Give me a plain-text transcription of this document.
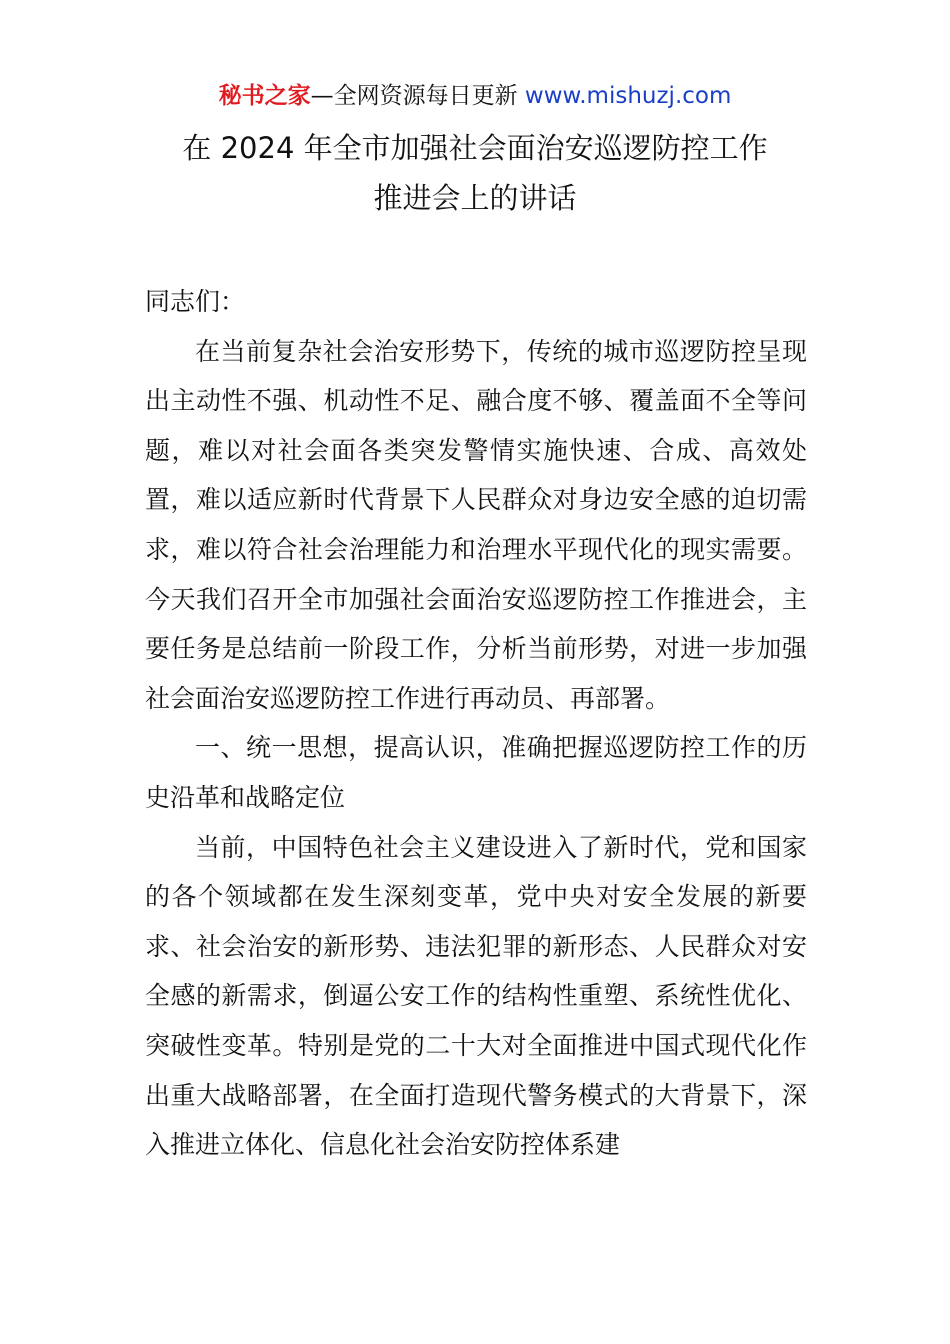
秘书之家—全网资源每日更新 www.mishuzj.com
在 2024 年全市加强社会面治安巡逻防控工作
推进会上的讲话

同志们：

在当前复杂社会治安形势下，传统的城市巡逻防控呈现出主动性不强、机动性不足、融合度不够、覆盖面不全等问题，难以对社会面各类突发警情实施快速、合成、高效处置，难以适应新时代背景下人民群众对身边安全感的迫切需求，难以符合社会治理能力和治理水平现代化的现实需要。今天我们召开全市加强社会面治安巡逻防控工作推进会，主要任务是总结前一阶段工作，分析当前形势，对进一步加强社会面治安巡逻防控工作进行再动员、再部署。

一、统一思想，提高认识，准确把握巡逻防控工作的历史沿革和战略定位

当前，中国特色社会主义建设进入了新时代，党和国家的各个领域都在发生深刻变革，党中央对安全发展的新要求、社会治安的新形势、违法犯罪的新形态、人民群众对安全感的新需求，倒逼公安工作的结构性重塑、系统性优化、突破性变革。特别是党的二十大对全面推进中国式现代化作出重大战略部署，在全面打造现代警务模式的大背景下，深入推进立体化、信息化社会治安防控体系建
